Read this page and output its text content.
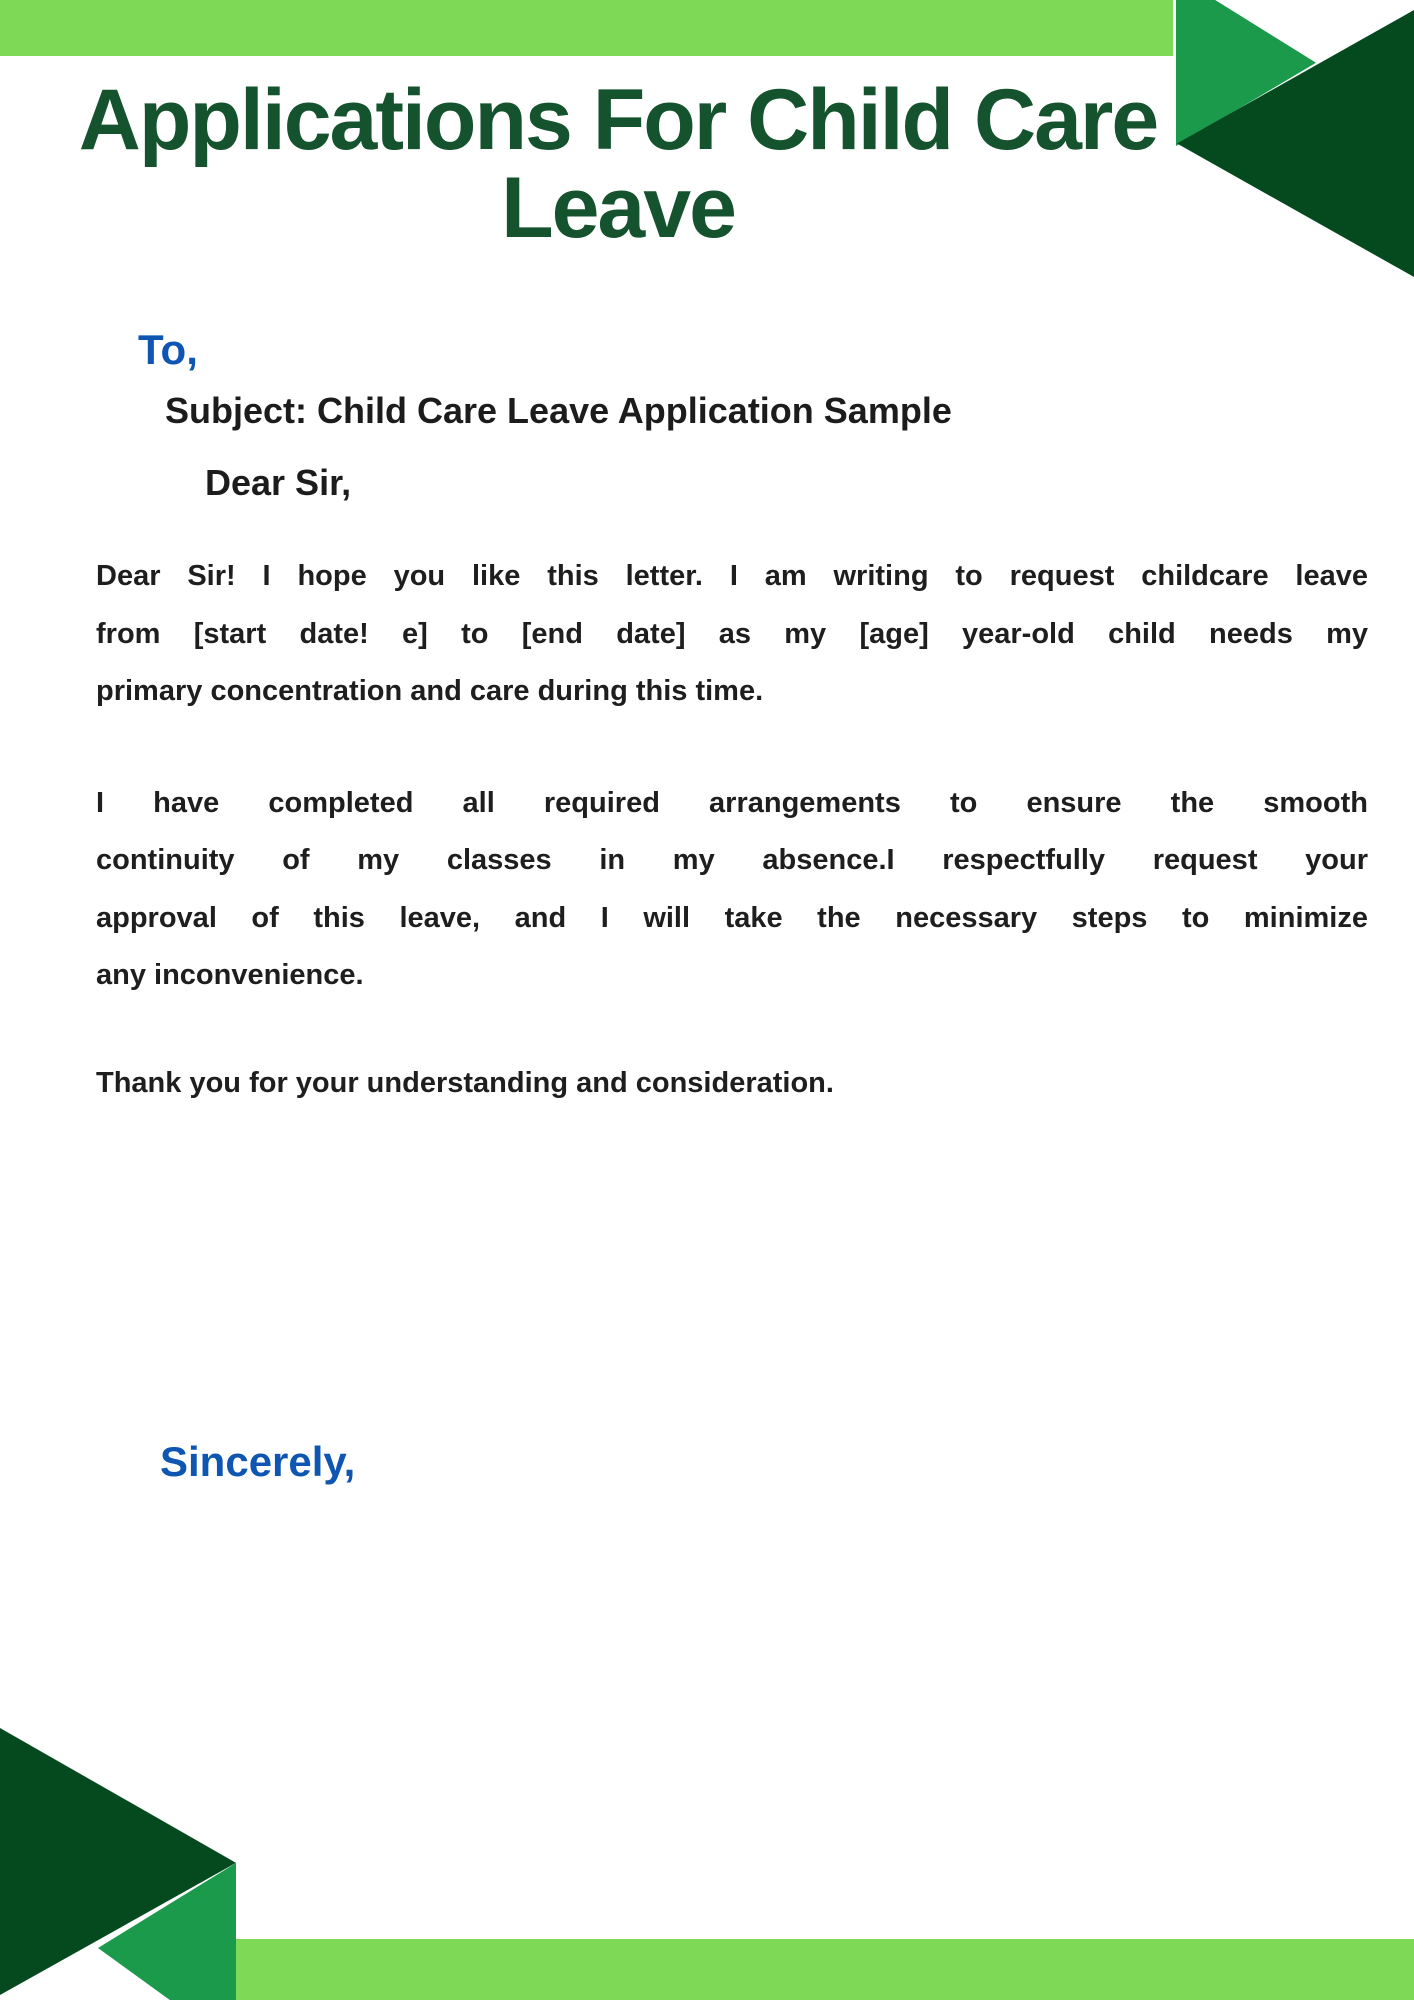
Applications For Child Care
Leave
To,
Subject: Child Care Leave Application Sample
Dear Sir,
Dear Sir! I hope you like this letter. I am writing to request childcare leave
from [start date! e] to [end date] as my [age] year-old child needs my
primary concentration and care during this time.
I have completed all required arrangements to ensure the smooth
continuity of my classes in my absence.I respectfully request your
approval of this leave, and I will take the necessary steps to minimize
any inconvenience.
Thank you for your understanding and consideration.
Sincerely,
